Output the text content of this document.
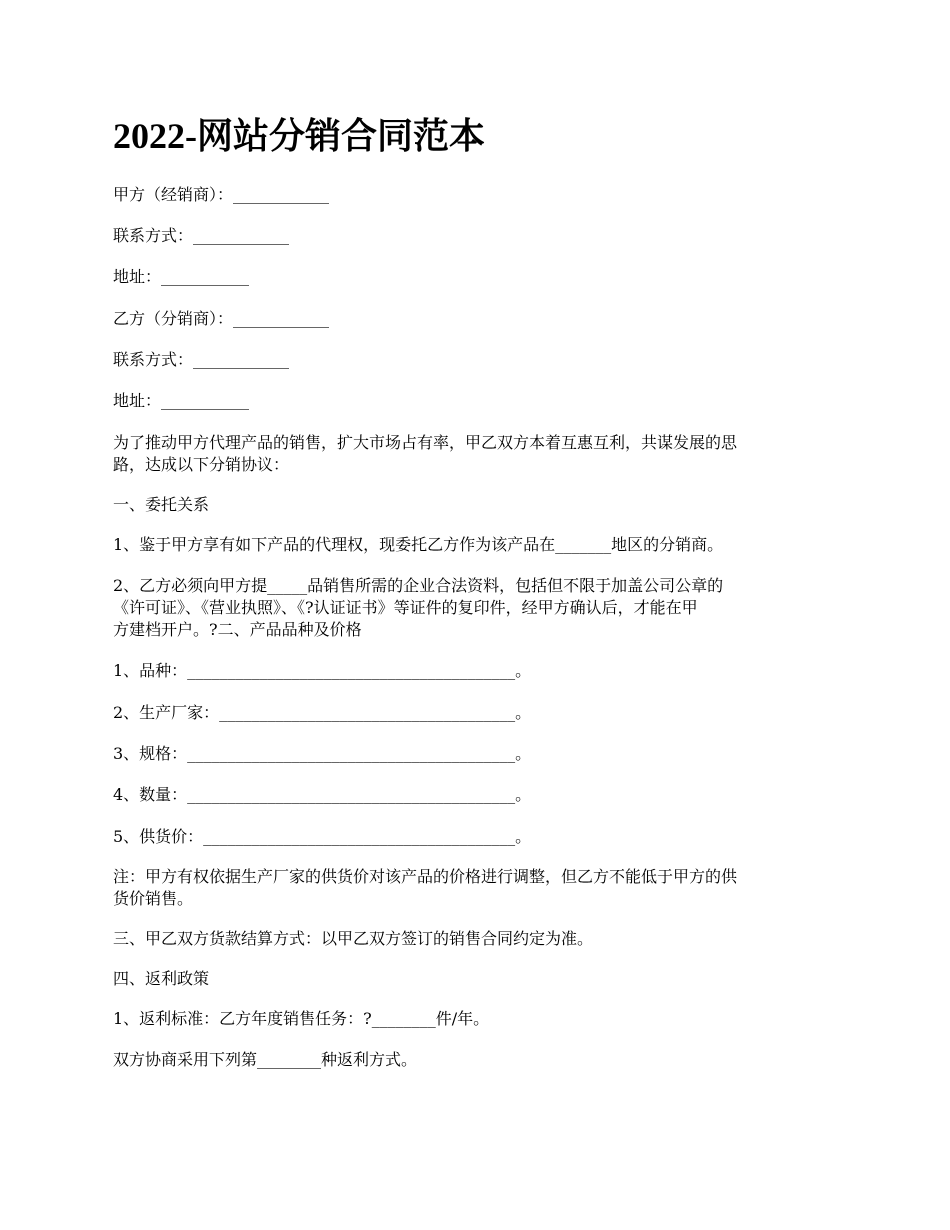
2022-网站分销合同范本
甲方（经销商）：____________
联系方式：____________
地址：___________
乙方（分销商）：____________
联系方式：____________
地址：___________
为了推动甲方代理产品的销售，扩大市场占有率，甲乙双方本着互惠互利，共谋发展的思
路，达成以下分销协议：
一、委托关系
1、鉴于甲方享有如下产品的代理权，现委托乙方作为该产品在_______地区的分销商。
2、乙方必须向甲方提_____品销售所需的企业合法资料，包括但不限于加盖公司公章的
《许可证》、《营业执照》、《?认证证书》等证件的复印件，经甲方确认后，才能在甲
方建档开户。?二、产品品种及价格
1、品种：_________________________________________。
2、生产厂家：_____________________________________。
3、规格：_________________________________________。
4、数量：_________________________________________。
5、供货价：_______________________________________。
注：甲方有权依据生产厂家的供货价对该产品的价格进行调整，但乙方不能低于甲方的供
货价销售。
三、甲乙双方货款结算方式：以甲乙双方签订的销售合同约定为准。
四、返利政策
1、返利标准：乙方年度销售任务：?________件/年。
双方协商采用下列第________种返利方式。
